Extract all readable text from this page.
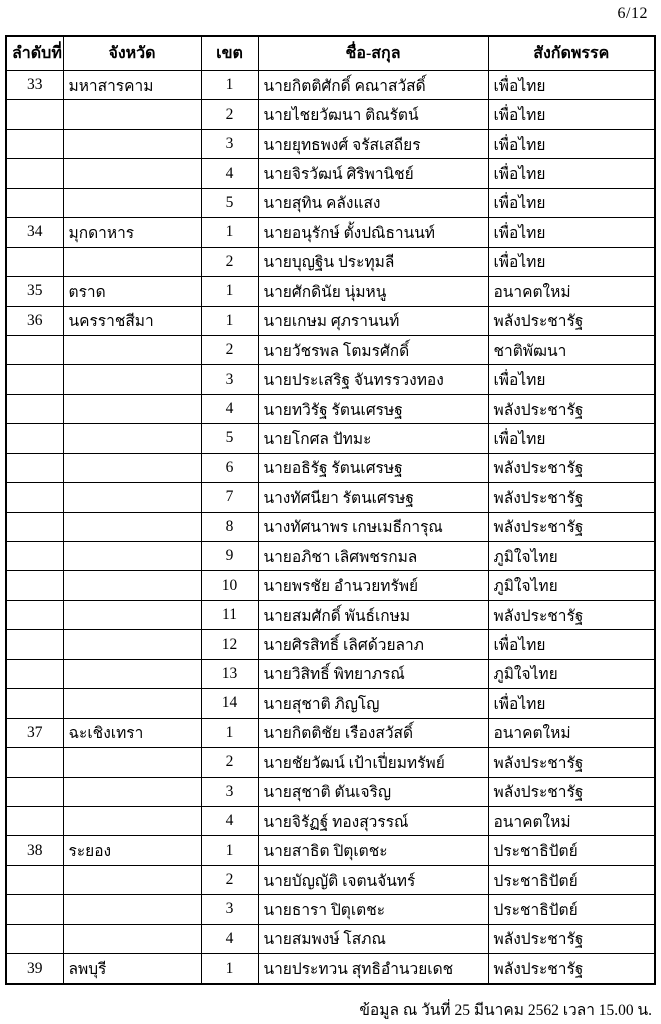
6/12
ลำดับที่	จังหวัด	เขต	ชื่อ-สกุล	สังกัดพรรค
33	มหาสารคาม	1	นายกิตติศักดิ์ คณาสวัสดิ์	เพื่อไทย
		2	นายไชยวัฒนา ติณรัตน์	เพื่อไทย
		3	นายยุทธพงศ์ จรัสเสถียร	เพื่อไทย
		4	นายจิรวัฒน์ ศิริพานิชย์	เพื่อไทย
		5	นายสุทิน คลังแสง	เพื่อไทย
34	มุกดาหาร	1	นายอนุรักษ์ ตั้งปณิธานนท์	เพื่อไทย
		2	นายบุญฐิน ประทุมลี	เพื่อไทย
35	ตราด	1	นายศักดินัย นุ่มหนู	อนาคตใหม่
36	นครราชสีมา	1	นายเกษม ศุภรานนท์	พลังประชารัฐ
		2	นายวัชรพล โตมรศักดิ์	ชาติพัฒนา
		3	นายประเสริฐ จันทรรวงทอง	เพื่อไทย
		4	นายทวิรัฐ รัตนเศรษฐ	พลังประชารัฐ
		5	นายโกศล ปัทมะ	เพื่อไทย
		6	นายอธิรัฐ รัตนเศรษฐ	พลังประชารัฐ
		7	นางทัศนียา รัตนเศรษฐ	พลังประชารัฐ
		8	นางทัศนาพร เกษเมธีการุณ	พลังประชารัฐ
		9	นายอภิชา เลิศพชรกมล	ภูมิใจไทย
		10	นายพรชัย อำนวยทรัพย์	ภูมิใจไทย
		11	นายสมศักดิ์ พันธ์เกษม	พลังประชารัฐ
		12	นายศิรสิทธิ์ เลิศด้วยลาภ	เพื่อไทย
		13	นายวิสิทธิ์ พิทยาภรณ์	ภูมิใจไทย
		14	นายสุชาติ ภิญโญ	เพื่อไทย
37	ฉะเชิงเทรา	1	นายกิตติชัย เรืองสวัสดิ์	อนาคตใหม่
		2	นายชัยวัฒน์ เป้าเปี่ยมทรัพย์	พลังประชารัฐ
		3	นายสุชาติ ตันเจริญ	พลังประชารัฐ
		4	นายจิรัฏฐ์ ทองสุวรรณ์	อนาคตใหม่
38	ระยอง	1	นายสาธิต ปิตุเตชะ	ประชาธิปัตย์
		2	นายบัญญัติ เจตนจันทร์	ประชาธิปัตย์
		3	นายธารา ปิตุเตชะ	ประชาธิปัตย์
		4	นายสมพงษ์ โสภณ	พลังประชารัฐ
39	ลพบุรี	1	นายประทวน สุทธิอำนวยเดช	พลังประชารัฐ
ข้อมูล ณ วันที่ 25 มีนาคม 2562 เวลา 15.00 น.
